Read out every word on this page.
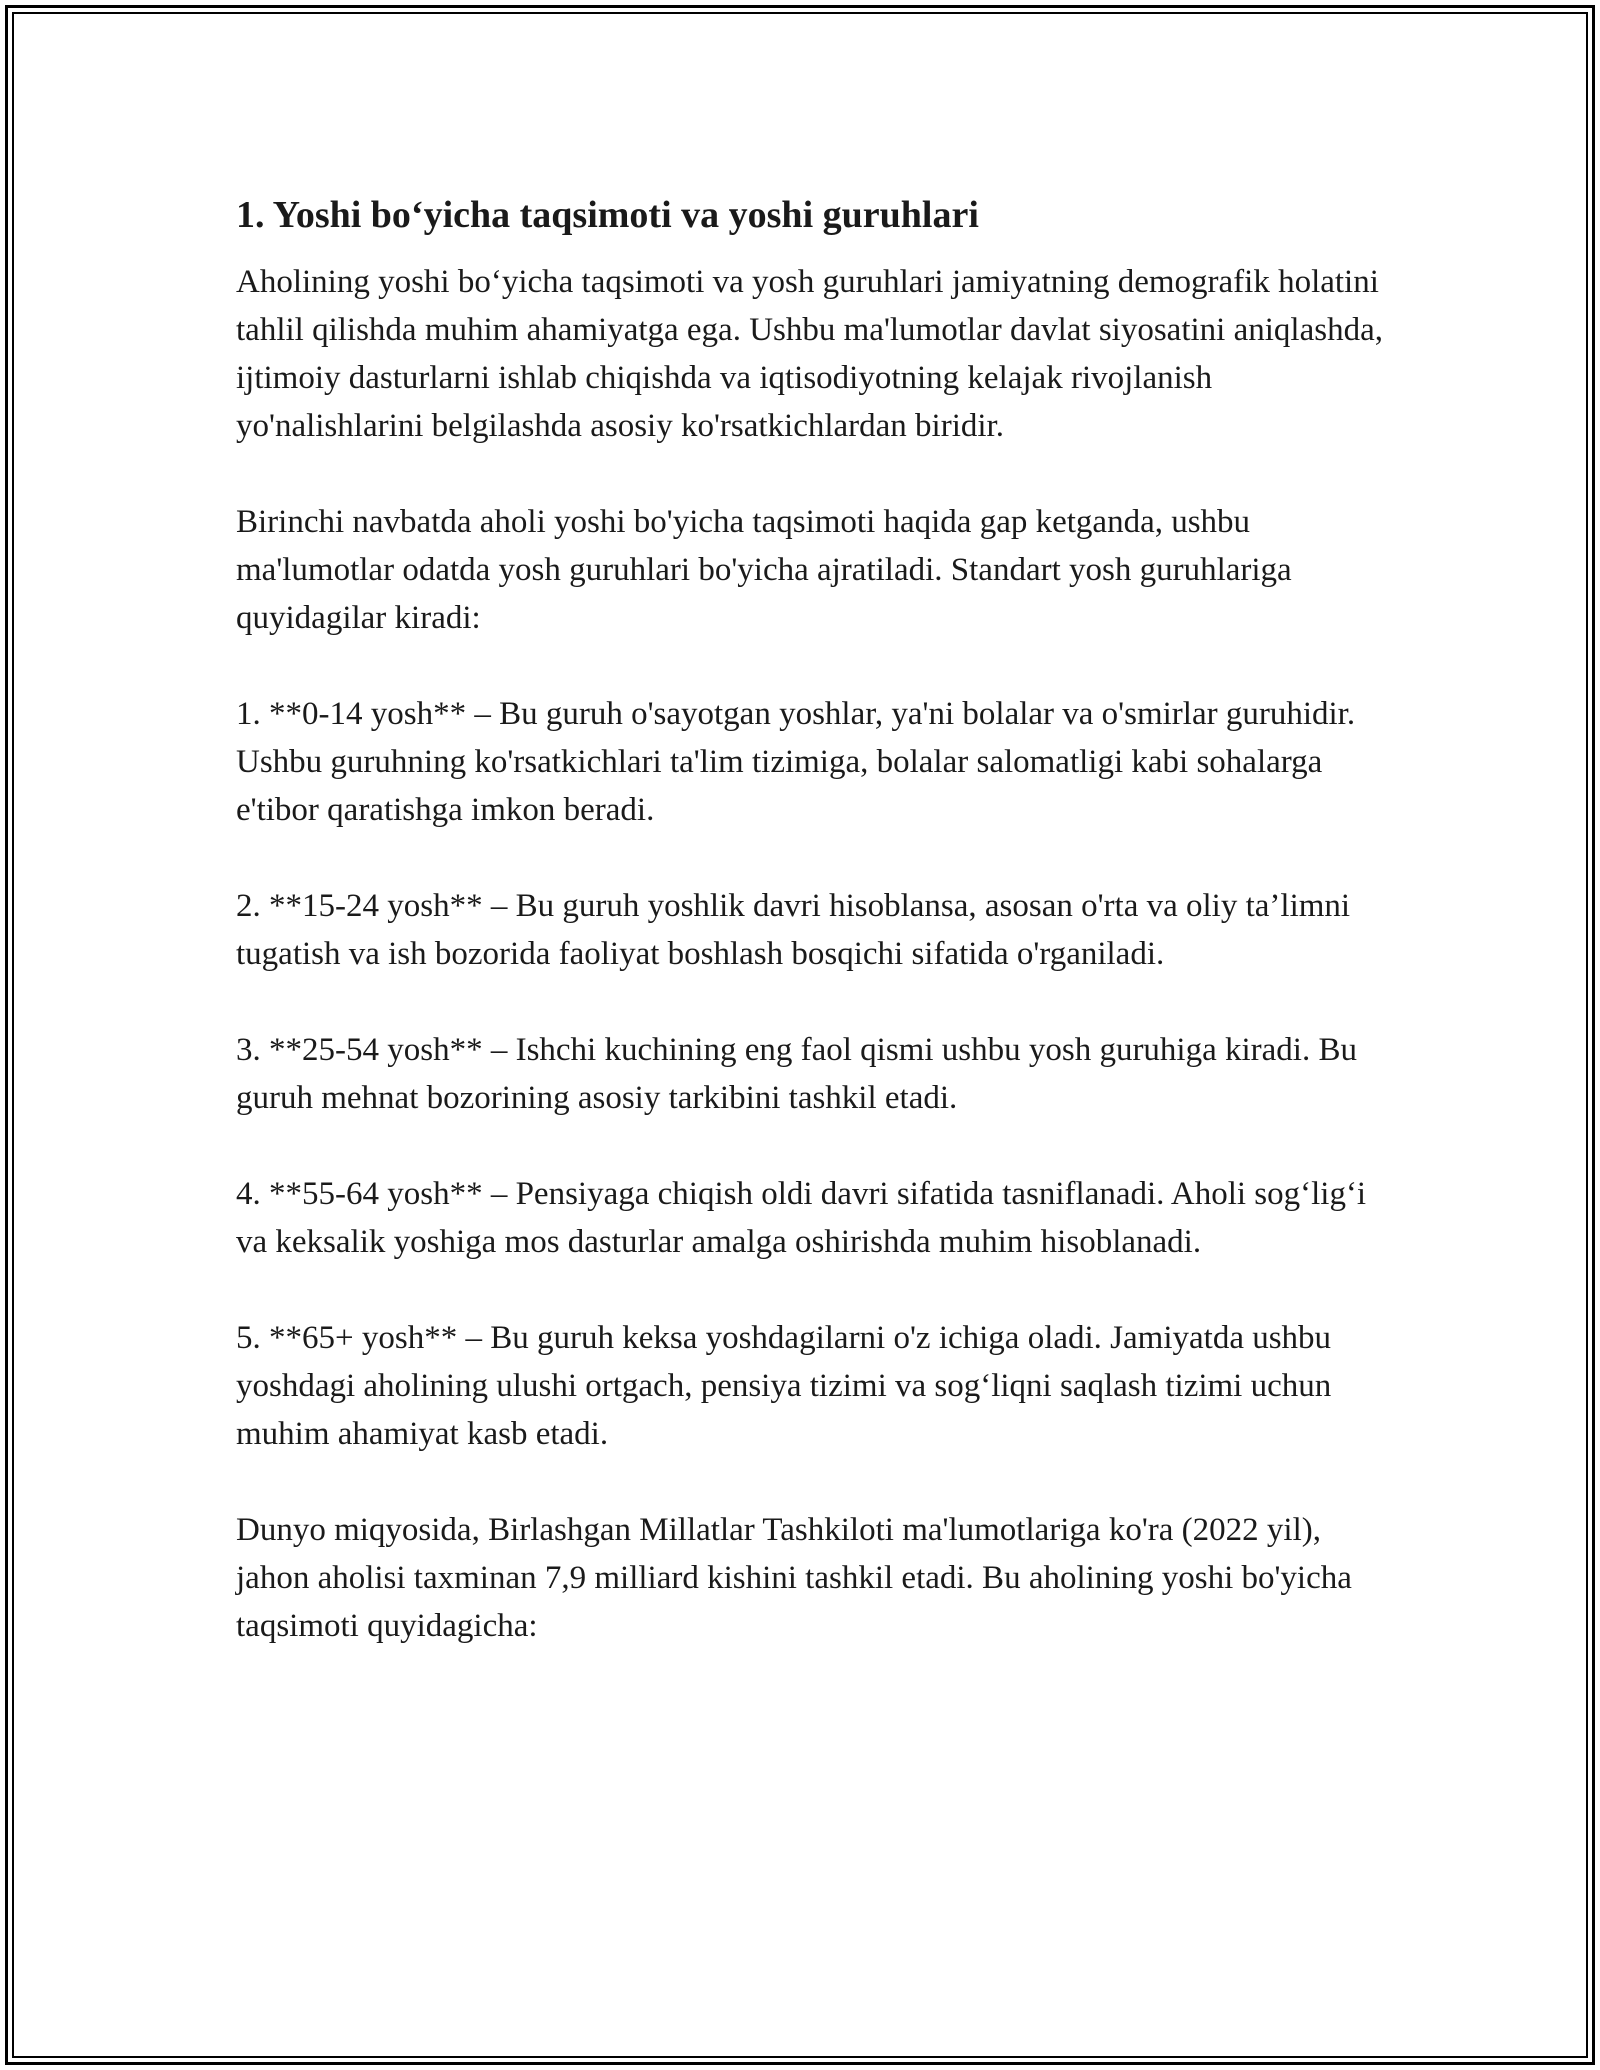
1. Yoshi bo‘yicha taqsimoti va yoshi guruhlari

Aholining yoshi bo‘yicha taqsimoti va yosh guruhlari jamiyatning demografik holatini tahlil qilishda muhim ahamiyatga ega. Ushbu ma'lumotlar davlat siyosatini aniqlashda, ijtimoiy dasturlarni ishlab chiqishda va iqtisodiyotning kelajak rivojlanish yo'nalishlarini belgilashda asosiy ko'rsatkichlardan biridir.

Birinchi navbatda aholi yoshi bo'yicha taqsimoti haqida gap ketganda, ushbu ma'lumotlar odatda yosh guruhlari bo'yicha ajratiladi. Standart yosh guruhlariga quyidagilar kiradi:

1. **0-14 yosh** – Bu guruh o'sayotgan yoshlar, ya'ni bolalar va o'smirlar guruhidir. Ushbu guruhning ko'rsatkichlari ta'lim tizimiga, bolalar salomatligi kabi sohalarga e'tibor qaratishga imkon beradi.

2. **15-24 yosh** – Bu guruh yoshlik davri hisoblansa, asosan o'rta va oliy ta’limni tugatish va ish bozorida faoliyat boshlash bosqichi sifatida o'rganiladi.

3. **25-54 yosh** – Ishchi kuchining eng faol qismi ushbu yosh guruhiga kiradi. Bu guruh mehnat bozorining asosiy tarkibini tashkil etadi.

4. **55-64 yosh** – Pensiyaga chiqish oldi davri sifatida tasniflanadi. Aholi sog‘lig‘i va keksalik yoshiga mos dasturlar amalga oshirishda muhim hisoblanadi.

5. **65+ yosh** – Bu guruh keksa yoshdagilarni o'z ichiga oladi. Jamiyatda ushbu yoshdagi aholining ulushi ortgach, pensiya tizimi va sog‘liqni saqlash tizimi uchun muhim ahamiyat kasb etadi.

Dunyo miqyosida, Birlashgan Millatlar Tashkiloti ma'lumotlariga ko'ra (2022 yil), jahon aholisi taxminan 7,9 milliard kishini tashkil etadi. Bu aholining yoshi bo'yicha taqsimoti quyidagicha:
